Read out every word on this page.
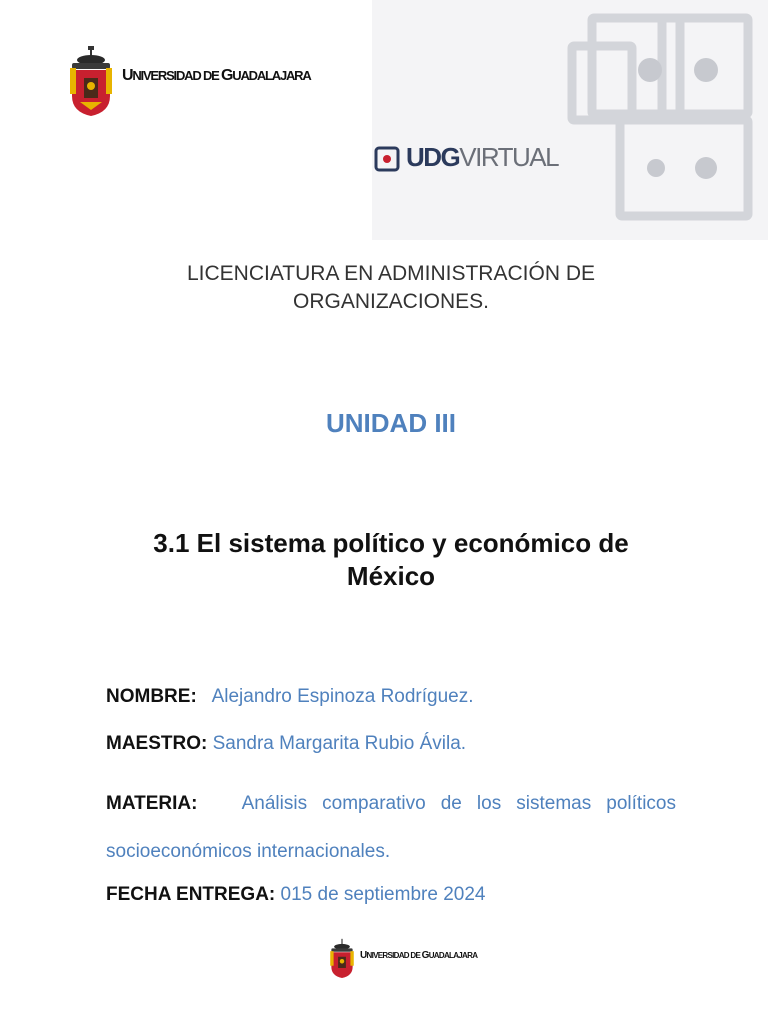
UNIVERSIDAD DE GUADALAJARA
UDGVIRTUAL
LICENCIATURA EN ADMINISTRACIÓN DE
ORGANIZACIONES.
UNIDAD III
3.1 El sistema político y económico de
México
NOMBRE: Alejandro Espinoza Rodríguez.
MAESTRO: Sandra Margarita Rubio Ávila.
MATERIA: Análisis comparativo de los sistemas políticos socioeconómicos internacionales.
FECHA ENTREGA: 015 de septiembre 2024
UNIVERSIDAD DE GUADALAJARA
